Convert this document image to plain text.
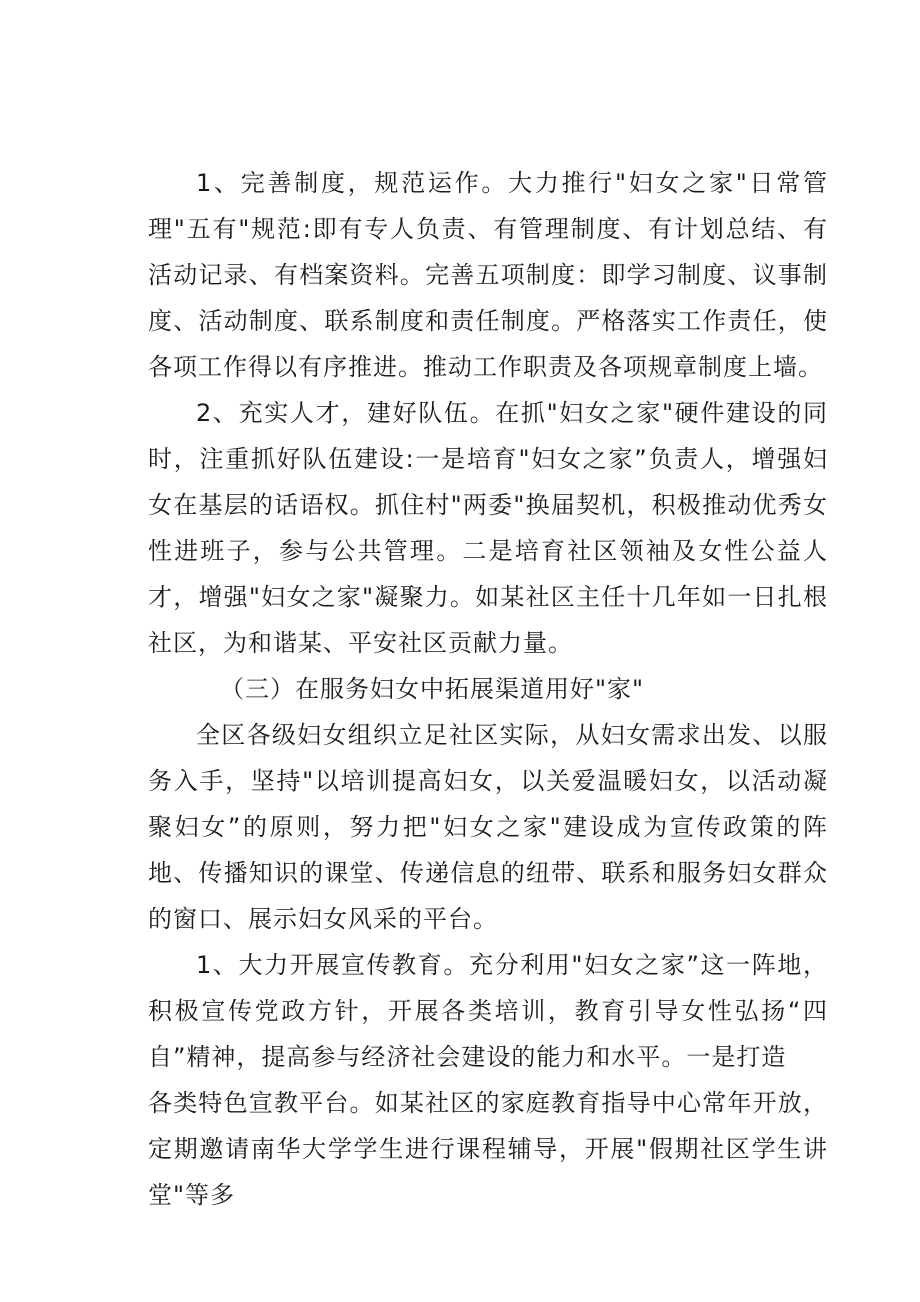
1、完善制度，规范运作。大力推行"妇女之家"日常管理"五有"规范:即有专人负责、有管理制度、有计划总结、有活动记录、有档案资料。完善五项制度：即学习制度、议事制度、活动制度、联系制度和责任制度。严格落实工作责任，使各项工作得以有序推进。推动工作职责及各项规章制度上墙。

2、充实人才，建好队伍。在抓"妇女之家"硬件建设的同时，注重抓好队伍建设:一是培育"妇女之家”负责人，增强妇女在基层的话语权。抓住村"两委"换届契机，积极推动优秀女性进班子，参与公共管理。二是培育社区领袖及女性公益人才，增强"妇女之家"凝聚力。如某社区主任十几年如一日扎根社区，为和谐某、平安社区贡献力量。

（三）在服务妇女中拓展渠道用好"家"

全区各级妇女组织立足社区实际，从妇女需求出发、以服务入手，坚持"以培训提高妇女，以关爱温暖妇女，以活动凝聚妇女”的原则，努力把"妇女之家"建设成为宣传政策的阵地、传播知识的课堂、传递信息的纽带、联系和服务妇女群众的窗口、展示妇女风采的平台。

1、大力开展宣传教育。充分利用"妇女之家”这一阵地，积极宣传党政方针，开展各类培训，教育引导女性弘扬“四自”精神，提高参与经济社会建设的能力和水平。一是打造

各类特色宣教平台。如某社区的家庭教育指导中心常年开放，定期邀请南华大学学生进行课程辅导，开展"假期社区学生讲堂"等多
